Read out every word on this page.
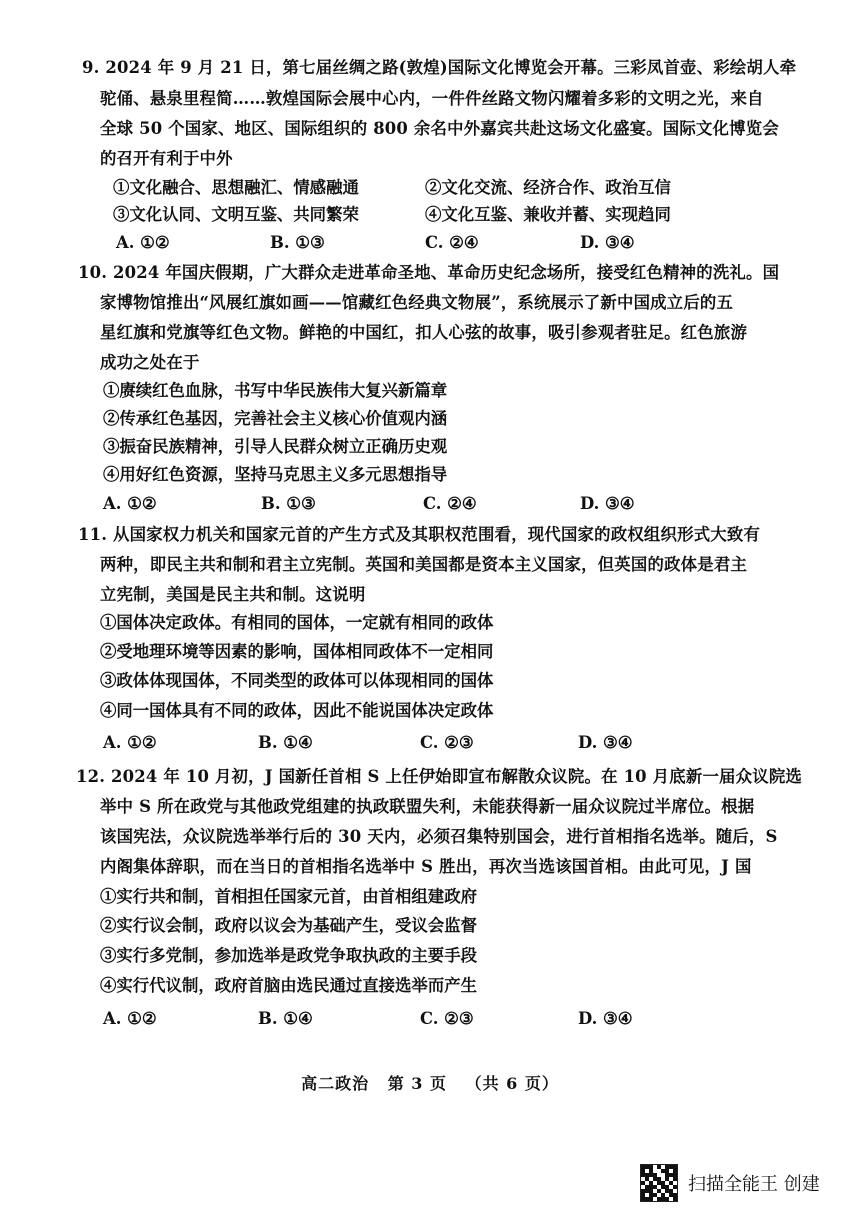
9. 2024 年 9 月 21 日，第七届丝绸之路(敦煌)国际文化博览会开幕。三彩凤首壶、彩绘胡人牵
驼俑、悬泉里程简……敦煌国际会展中心内，一件件丝路文物闪耀着多彩的文明之光，来自
全球 50 个国家、地区、国际组织的 800 余名中外嘉宾共赴这场文化盛宴。国际文化博览会
的召开有利于中外
①文化融合、思想融汇、情感融通	②文化交流、经济合作、政治互信
③文化认同、文明互鉴、共同繁荣	④文化互鉴、兼收并蓄、实现趋同
A. ①②	B. ①③	C. ②④	D. ③④
10. 2024 年国庆假期，广大群众走进革命圣地、革命历史纪念场所，接受红色精神的洗礼。国
家博物馆推出“风展红旗如画——馆藏红色经典文物展”，系统展示了新中国成立后的五
星红旗和党旗等红色文物。鲜艳的中国红，扣人心弦的故事，吸引参观者驻足。红色旅游
成功之处在于
①赓续红色血脉，书写中华民族伟大复兴新篇章
②传承红色基因，完善社会主义核心价值观内涵
③振奋民族精神，引导人民群众树立正确历史观
④用好红色资源，坚持马克思主义多元思想指导
A. ①②	B. ①③	C. ②④	D. ③④
11. 从国家权力机关和国家元首的产生方式及其职权范围看，现代国家的政权组织形式大致有
两种，即民主共和制和君主立宪制。英国和美国都是资本主义国家，但英国的政体是君主
立宪制，美国是民主共和制。这说明
①国体决定政体。有相同的国体，一定就有相同的政体
②受地理环境等因素的影响，国体相同政体不一定相同
③政体体现国体，不同类型的政体可以体现相同的国体
④同一国体具有不同的政体，因此不能说国体决定政体
A. ①②	B. ①④	C. ②③	D. ③④
12. 2024 年 10 月初，J 国新任首相 S 上任伊始即宣布解散众议院。在 10 月底新一届众议院选
举中 S 所在政党与其他政党组建的执政联盟失利，未能获得新一届众议院过半席位。根据
该国宪法，众议院选举举行后的 30 天内，必须召集特别国会，进行首相指名选举。随后，S
内阁集体辞职，而在当日的首相指名选举中 S 胜出，再次当选该国首相。由此可见，J 国
①实行共和制，首相担任国家元首，由首相组建政府
②实行议会制，政府以议会为基础产生，受议会监督
③实行多党制，参加选举是政党争取执政的主要手段
④实行代议制，政府首脑由选民通过直接选举而产生
A. ①②	B. ①④	C. ②③	D. ③④
高二政治 第 3 页 （共 6 页）
扫描全能王 创建
